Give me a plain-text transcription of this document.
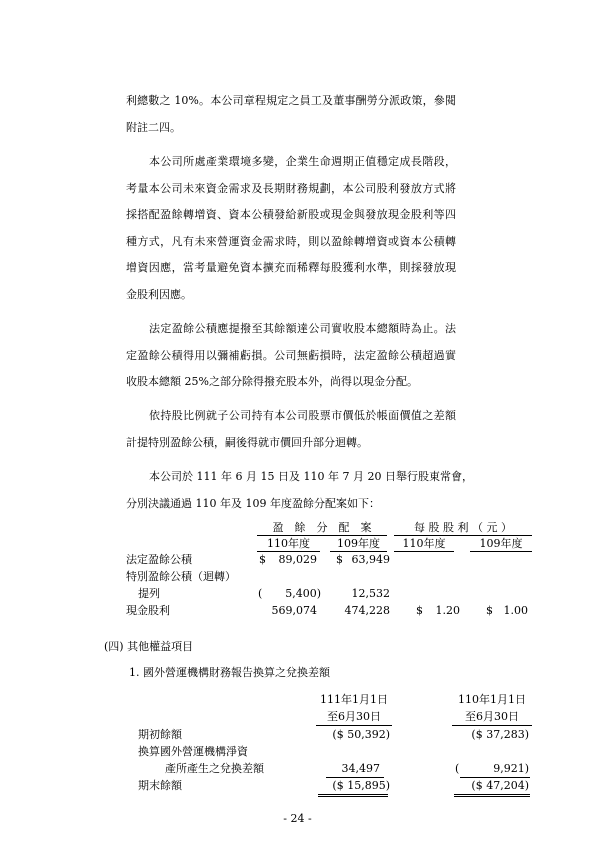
利總數之 10%。本公司章程規定之員工及董事酬勞分派政策，參閱
附註二四。
本公司所處產業環境多變，企業生命週期正值穩定成長階段，
考量本公司未來資金需求及長期財務規劃，本公司股利發放方式將
採搭配盈餘轉增資、資本公積發給新股或現金與發放現金股利等四
種方式，凡有未來營運資金需求時，則以盈餘轉增資或資本公積轉
增資因應，當考量避免資本擴充而稀釋每股獲利水準，則採發放現
金股利因應。
法定盈餘公積應提撥至其餘額達公司實收股本總額時為止。法
定盈餘公積得用以彌補虧損。公司無虧損時，法定盈餘公積超過實
收股本總額 25%之部分除得撥充股本外，尚得以現金分配。
依持股比例就子公司持有本公司股票市價低於帳面價值之差額
計提特別盈餘公積，嗣後得就市價回升部分迴轉。
本公司於 111 年 6 月 15 日及 110 年 7 月 20 日舉行股東常會，
分別決議通過 110 年及 109 年度盈餘分配案如下：
盈　餘　分　配　案	每 股 股 利 （ 元 ）
110年度	109年度	110年度	109年度
法定盈餘公積	$	89,029 $ 63,949
特別盈餘公積（迴轉）
提列	(	5,400)	12,532
現金股利	569,074	474,228 $	1.20 $ 1.00
(四) 其他權益項目
1. 國外營運機構財務報告換算之兌換差額
111年1月1日
至6月30日
110年1月1日
至6月30日
期初餘額	($ 50,392)	($ 37,283)
換算國外營運機構淨資
產所產生之兌換差額	34,497	(	9,921)
期末餘額	($ 15,895)	($ 47,204)
- 24 -
